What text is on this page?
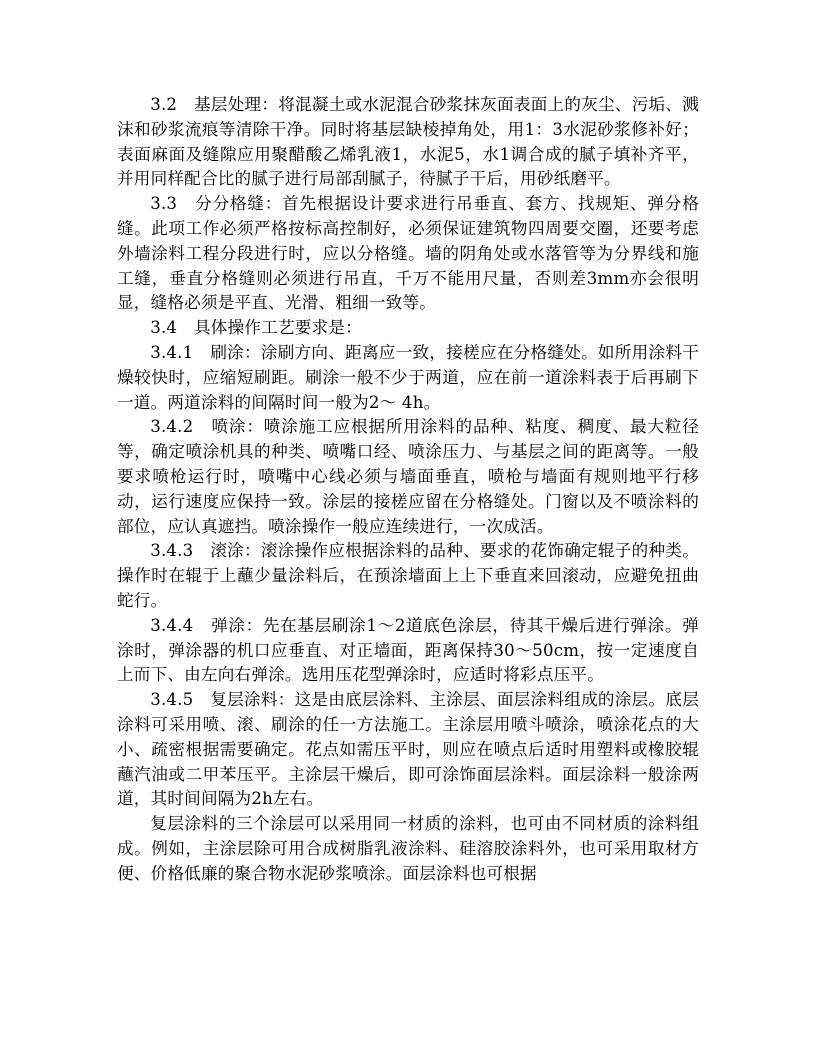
3.2　基层处理：将混凝土或水泥混合砂浆抹灰面表面上的灰尘、污垢、溅沫和砂浆流痕等清除干净。同时将基层缺棱掉角处，用1：3水泥砂浆修补好；表面麻面及缝隙应用聚醋酸乙烯乳液1，水泥5，水1调合成的腻子填补齐平，并用同样配合比的腻子进行局部刮腻子，待腻子干后，用砂纸磨平。

3.3　分分格缝：首先根据设计要求进行吊垂直、套方、找规矩、弹分格缝。此项工作必须严格按标高控制好，必须保证建筑物四周要交圈，还要考虑外墙涂料工程分段进行时，应以分格缝。墙的阴角处或水落管等为分界线和施工缝，垂直分格缝则必须进行吊直，千万不能用尺量，否则差3mm亦会很明显，缝格必须是平直、光滑、粗细一致等。

3.4　具体操作工艺要求是：

3.4.1　刷涂：涂刷方向、距离应一致，接槎应在分格缝处。如所用涂料干燥较快时，应缩短刷距。刷涂一般不少于两道，应在前一道涂料表于后再刷下一道。两道涂料的间隔时间一般为2～ 4h。

3.4.2　喷涂：喷涂施工应根据所用涂料的品种、粘度、稠度、最大粒径等，确定喷涂机具的种类、喷嘴口经、喷涂压力、与基层之间的距离等。一般要求喷枪运行时，喷嘴中心线必须与墙面垂直，喷枪与墙面有规则地平行移动，运行速度应保持一致。涂层的接槎应留在分格缝处。门窗以及不喷涂料的部位，应认真遮挡。喷涂操作一般应连续进行，一次成活。

3.4.3　滚涂：滚涂操作应根据涂料的品种、要求的花饰确定辊子的种类。操作时在辊于上蘸少量涂料后，在预涂墙面上上下垂直来回滚动，应避免扭曲蛇行。

3.4.4　弹涂：先在基层刷涂1～2道底色涂层，待其干燥后进行弹涂。弹涂时，弹涂器的机口应垂直、对正墙面，距离保持30～50cm，按一定速度自上而下、由左向右弹涂。选用压花型弹涂时，应适时将彩点压平。

3.4.5　复层涂料：这是由底层涂料、主涂层、面层涂料组成的涂层。底层涂料可采用喷、滚、刷涂的任一方法施工。主涂层用喷斗喷涂，喷涂花点的大小、疏密根据需要确定。花点如需压平时，则应在喷点后适时用塑料或橡胶辊蘸汽油或二甲苯压平。主涂层干燥后，即可涂饰面层涂料。面层涂料一般涂两道，其时间间隔为2h左右。

复层涂料的三个涂层可以采用同一材质的涂料，也可由不同材质的涂料组成。例如，主涂层除可用合成树脂乳液涂料、硅溶胶涂料外，也可采用取材方便、价格低廉的聚合物水泥砂浆喷涂。面层涂料也可根据
